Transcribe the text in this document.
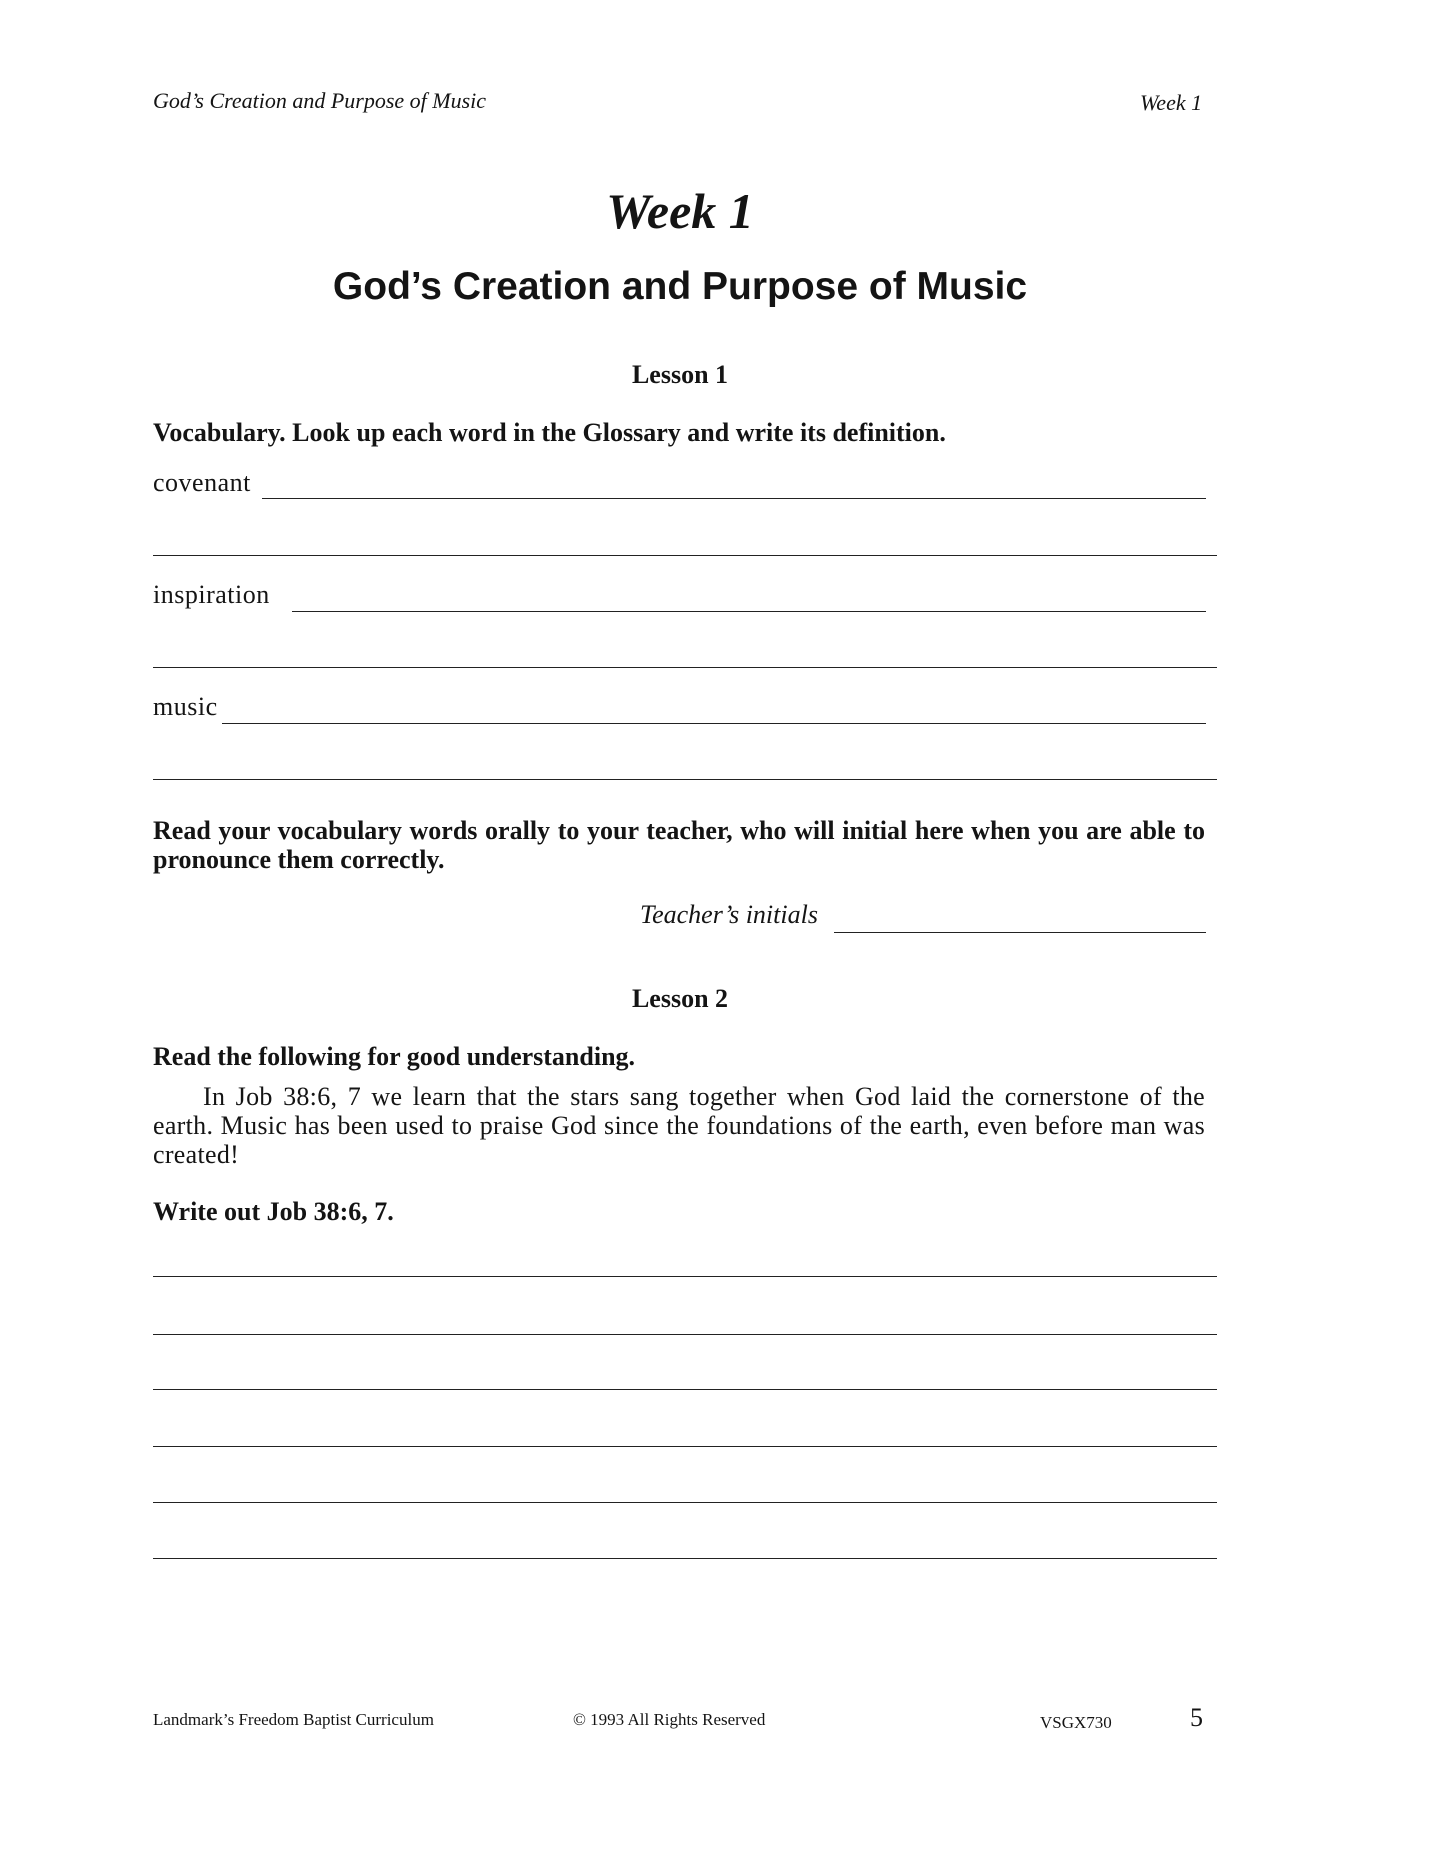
God’s Creation and Purpose of Music	Week 1
Week 1
God’s Creation and Purpose of Music
Lesson 1
Vocabulary. Look up each word in the Glossary and write its definition.
covenant
inspiration
music
Read your vocabulary words orally to your teacher, who will initial here when you are able to pronounce them correctly.
Teacher’s initials
Lesson 2
Read the following for good understanding.
In Job 38:6, 7 we learn that the stars sang together when God laid the cornerstone of the earth. Music has been used to praise God since the foundations of the earth, even before man was created!
Write out Job 38:6, 7.
Landmark’s Freedom Baptist Curriculum	© 1993 All Rights Reserved	VSGX730	5
